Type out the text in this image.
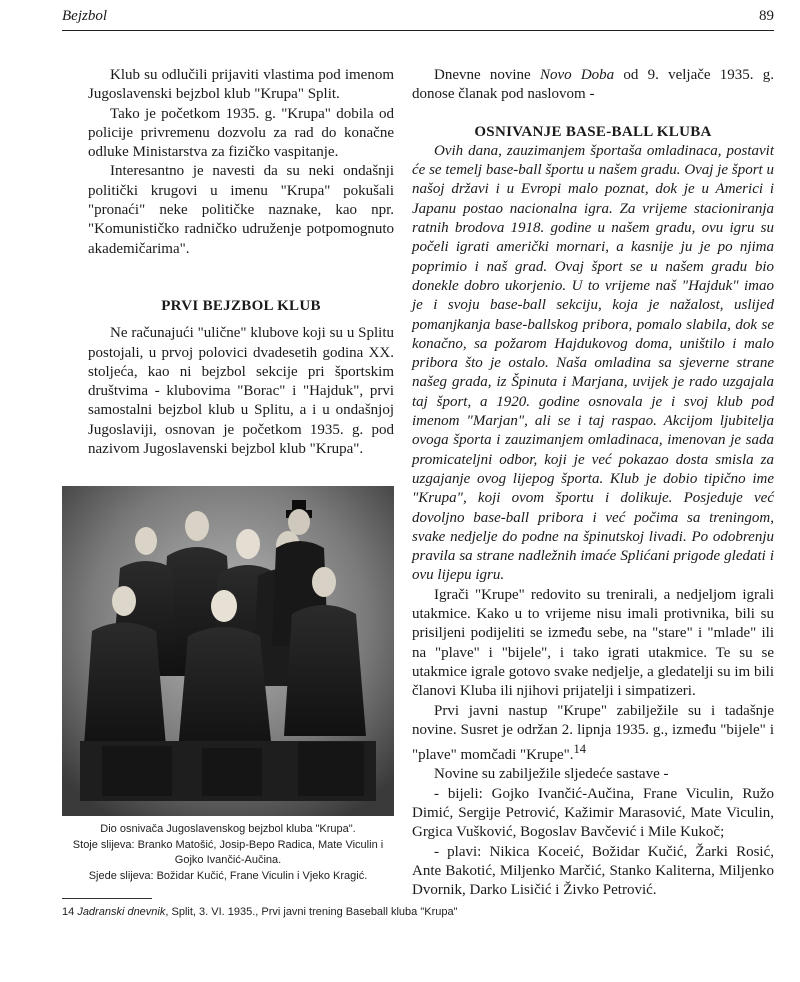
Bejzbol	89

Klub su odlučili prijaviti vlastima pod imenom Jugoslavenski bejzbol klub "Krupa" Split.

Tako je početkom 1935. g. "Krupa" dobila od policije privremenu dozvolu za rad do konačne odluke Ministarstva za fizičko vaspitanje.

Interesantno je navesti da su neki ondašnji politički krugovi u imenu "Krupa" pokušali "pronaći" neke političke naznake, kao npr. "Komunističko radničko udruženje potpomognuto akademičarima".

PRVI BEJZBOL KLUB

Ne računajući "ulične" klubove koji su u Splitu postojali, u prvoj polovici dvadesetih godina XX. stoljeća, kao ni bejzbol sekcije pri športskim društvima - klubovima "Borac" i "Hajduk", prvi samostalni bejzbol klub u Splitu, a i u ondašnjoj Jugoslaviji, osnovan je početkom 1935. g. pod nazivom Jugoslavenski bejzbol klub "Krupa".

Dio osnivača Jugoslavenskog bejzbol kluba "Krupa".
Stoje slijeva: Branko Matošić, Josip-Bepo Radica, Mate Viculin i
Gojko Ivančić-Aučina.
Sjede slijeva: Božidar Kučić, Frane Viculin i Vjeko Kragić.

Dnevne novine Novo Doba od 9. veljače 1935. g. donose članak pod naslovom -

OSNIVANJE BASE-BALL KLUBA

Ovih dana, zauzimanjem športaša omladinaca, postavit će se temelj base-ball športu u našem gradu. Ovaj je šport u našoj državi i u Evropi malo poznat, dok je u Americi i Japanu postao nacionalna igra. Za vrijeme stacioniranja ratnih brodova 1918. godine u našem gradu, ovu igru su počeli igrati američki mornari, a kasnije ju je po njima poprimio i naš grad. Ovaj šport se u našem gradu bio donekle dobro ukorjenio. U to vrijeme naš "Hajduk" imao je i svoju base-ball sekciju, koja je nažalost, uslijed pomanjkanja base-ballskog pribora, pomalo slabila, dok se konačno, sa požarom Hajdukovog doma, uništilo i malo pribora što je ostalo. Naša omladina sa sjeverne strane našeg grada, iz Špinuta i Marjana, uvijek je rado uzgajala taj šport, a 1920. godine osnovala je i svoj klub pod imenom "Marjan", ali se i taj raspao. Akcijom ljubitelja ovoga športa i zauzimanjem omladinaca, imenovan je sada promicateljni odbor, koji je već pokazao dosta smisla za uzgajanje ovog lijepog športa. Klub je dobio tipično ime "Krupa", koji ovom športu i dolikuje. Posjeduje već dovoljno base-ball pribora i već počima sa treningom, svake nedjelje do podne na špinutskoj livadi. Po odobrenju pravila sa strane nadležnih imaće Splićani prigode gledati i ovu lijepu igru.

Igrači "Krupe" redovito su trenirali, a nedjeljom igrali utakmice. Kako u to vrijeme nisu imali protivnika, bili su prisiljeni podijeliti se između sebe, na "stare" i "mlade" ili na "plave" i "bijele", i tako igrati utakmice. Te su se utakmice igrale gotovo svake nedjelje, a gledatelji su im bili članovi Kluba ili njihovi prijatelji i simpatizeri.

Prvi javni nastup "Krupe" zabilježile su i tadašnje novine. Susret je održan 2. lipnja 1935. g., između "bijele" i "plave" momčadi "Krupe".$^{14}$

Novine su zabilježile sljedeće sastave -

- bijeli: Gojko Ivančić-Aučina, Frane Viculin, Ružo Dimić, Sergije Petrović, Kažimir Marasović, Mate Viculin, Grgica Vušković, Bogoslav Bavčević i Mile Kukoč;

- plavi: Nikica Koceić, Božidar Kučić, Žarki Rosić, Ante Bakotić, Miljenko Marčić, Stanko Kaliterna, Miljenko Dvornik, Darko Lisičić i Živko Petrović.

14 Jadranski dnevnik, Split, 3. VI. 1935., Prvi javni trening Baseball kluba "Krupa"
